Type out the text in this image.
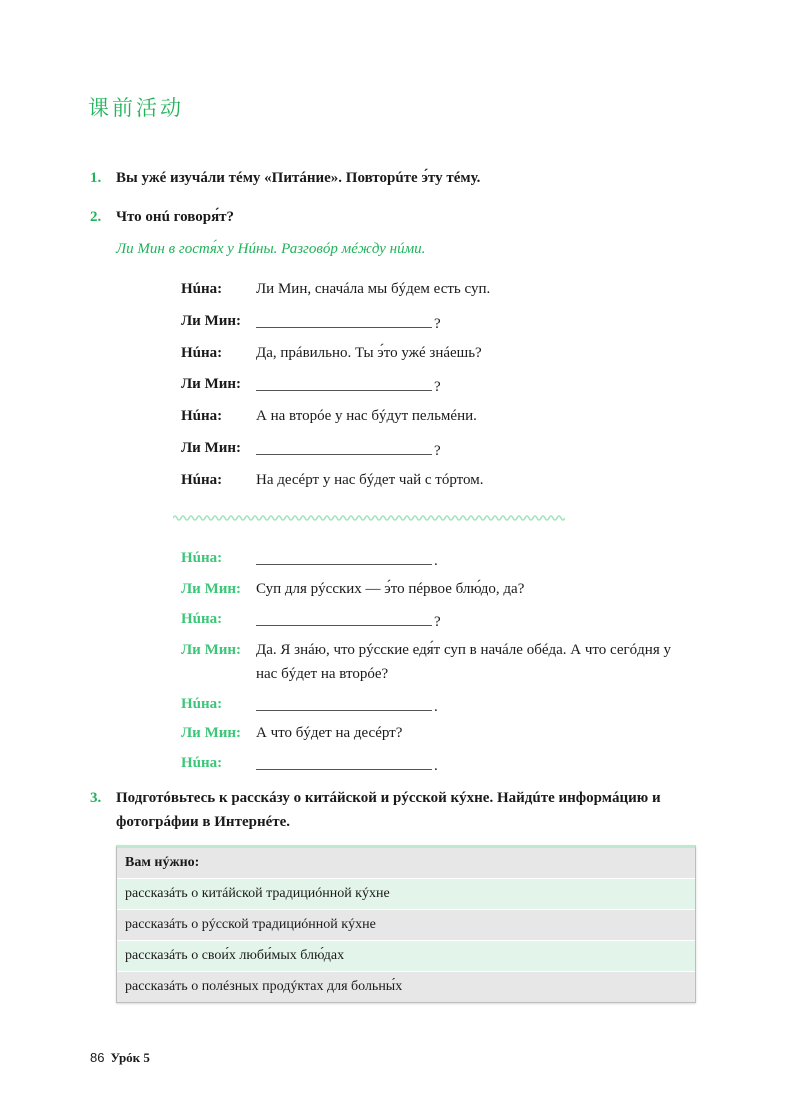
课前活动
1. Вы ужé изучáли тéму «Питáние». Повторúте э́ту тéму.
2. Что онú говоря́т?
Ли Мин в гостя́х у Нúны. Разговóр мéжду нúми.
Нúна: Ли Мин, сначáла мы бýдем есть суп.
Ли Мин:	?
Нúна: Да, прáвильно. Ты э́то ужé знáешь?
Ли Мин:	?
Нúна: А на вторóе у нас бýдут пельмéни.
Ли Мин:	?
Нúна: На десéрт у нас бýдет чай с тóртом.
Нúна:	.
Ли Мин: Суп для рýсских — э́то пéрвое блю́до, да?
Нúна:	?
Ли Мин: Да. Я знáю, что рýсские едя́т суп в начáле обéда. А что сегóдня у
нас бýдет на вторóе?
Нúна:	.
Ли Мин: А что бýдет на десéрт?
Нúна:	.
3. Подготóвьтесь к расскáзу о китáйской и рýсской кýхне. Найдúте информáцию и
фотогрáфии в Интернéте.
Вам нýжно:
рассказáть о китáйской традициóнной кýхне
рассказáть о рýсской традициóнной кýхне
рассказáть о свои́х люби́мых блю́дах
рассказáть о полéзных продýктах для больны́х
86 Урóк 5
